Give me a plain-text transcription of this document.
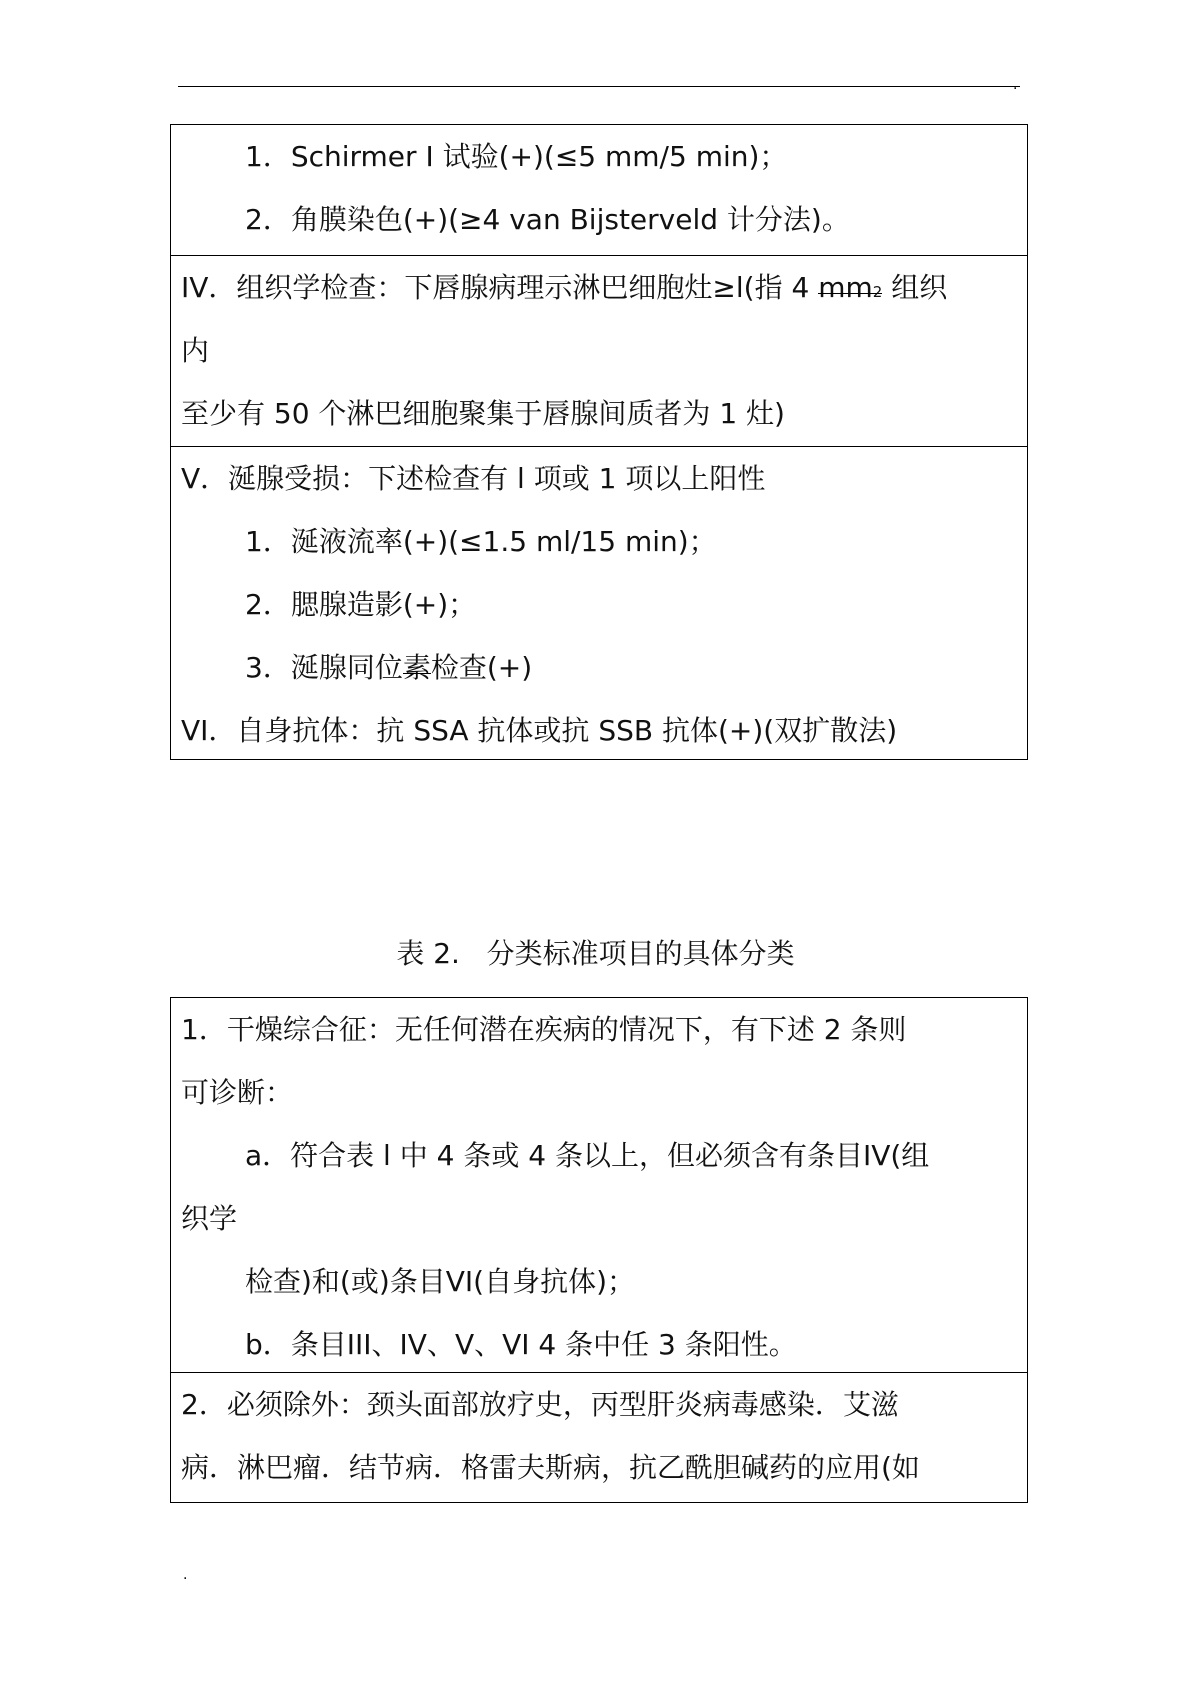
.
1．Schirmer I 试验(+)(≤5 mm/5 min)；
2．角膜染色(+)(≥4 van Bijsterveld 计分法)。
IV．组织学检查：下唇腺病理示淋巴细胞灶≥l(指 4 mm2 组织
内
至少有 50 个淋巴细胞聚集于唇腺间质者为 1 灶)
V．涎腺受损：下述检查有 l 项或 1 项以上阳性
1．涎液流率(+)(≤1.5 ml/15 min)；
2．腮腺造影(+)；
3．涎腺同位素检查(+)
VI．自身抗体：抗 SSA 抗体或抗 SSB 抗体(+)(双扩散法)
表 2.   分类标准项目的具体分类
1．干燥综合征：无任何潜在疾病的情况下，有下述 2 条则
可诊断：
a．符合表 l 中 4 条或 4 条以上，但必须含有条目IV(组
织学
检查)和(或)条目VI(自身抗体)；
b．条目III、IV、V、VI 4 条中任 3 条阳性。
2．必须除外：颈头面部放疗史，丙型肝炎病毒感染．艾滋
病．淋巴瘤．结节病．格雷夫斯病，抗乙酰胆碱药的应用(如
.
